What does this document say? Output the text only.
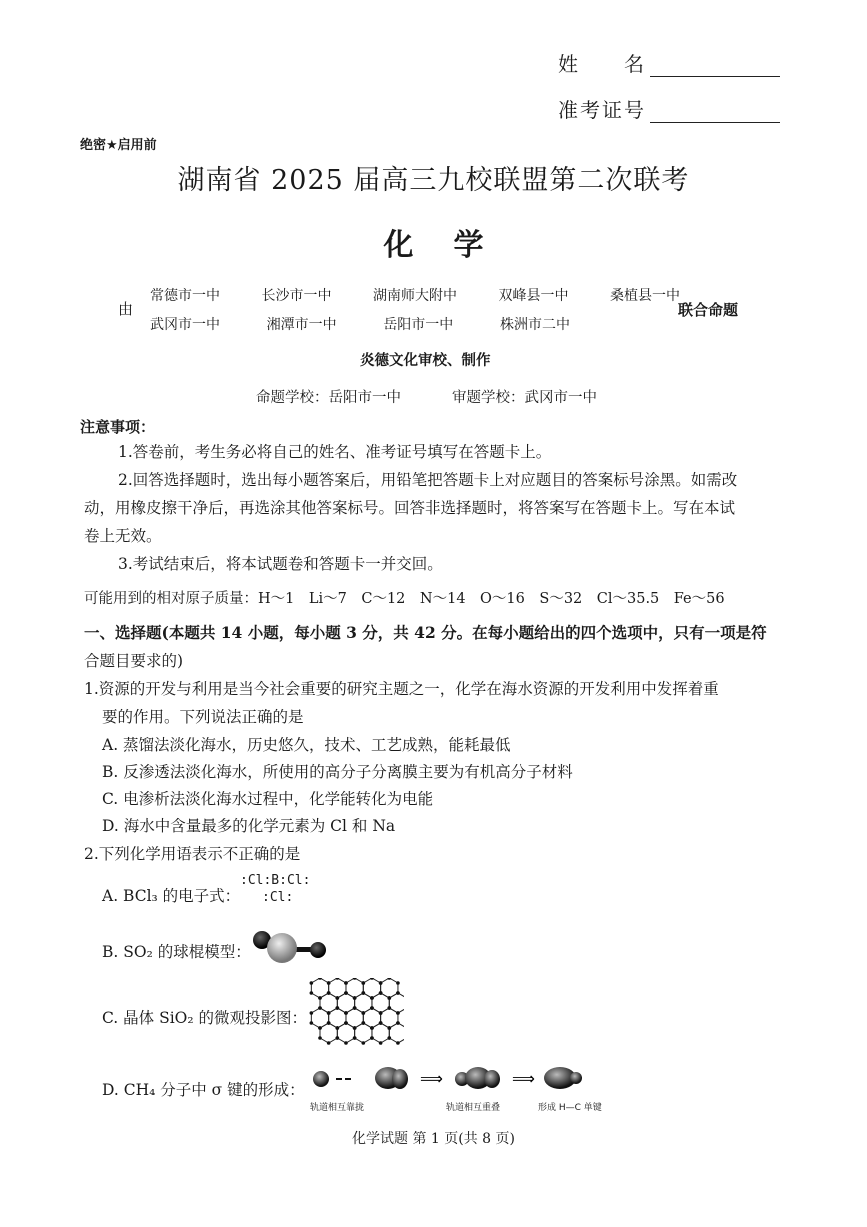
姓　　名
准考证号
绝密★启用前
湖南省 2025 届高三九校联盟第二次联考
化学
由
常德市一中	长沙市一中	湖南师大附中	双峰县一中	桑植县一中
武冈市一中	湘潭市一中	岳阳市一中	株洲市二中
联合命题
炎德文化审校、制作
命题学校：岳阳市一中	审题学校：武冈市一中
注意事项：
1.答卷前，考生务必将自己的姓名、准考证号填写在答题卡上。
2.回答选择题时，选出每小题答案后，用铅笔把答题卡上对应题目的答案标号涂黑。如需改
动，用橡皮擦干净后，再选涂其他答案标号。回答非选择题时，将答案写在答题卡上。写在本试
卷上无效。
3.考试结束后，将本试题卷和答题卡一并交回。
可能用到的相对原子质量：H～1　Li～7　C～12　N～14　O～16　S～32　Cl～35.5　Fe～56
一、选择题(本题共 14 小题，每小题 3 分，共 42 分。在每小题给出的四个选项中，只有一项是符
合题目要求的)
1.资源的开发与利用是当今社会重要的研究主题之一，化学在海水资源的开发利用中发挥着重
要的作用。下列说法正确的是
A. 蒸馏法淡化海水，历史悠久，技术、工艺成熟，能耗最低
B. 反渗透法淡化海水，所使用的高分子分离膜主要为有机高分子材料
C. 电渗析法淡化海水过程中，化学能转化为电能
D. 海水中含量最多的化学元素为 Cl 和 Na
2.下列化学用语表示不正确的是
A. BCl₃ 的电子式：
:Cl:B:Cl:
:Cl:
B. SO₂ 的球棍模型：
C. 晶体 SiO₂ 的微观投影图：
D. CH₄ 分子中 σ 键的形成：
⟹	⟹
轨道相互靠拢	轨道相互重叠	形成 H—C 单键
化学试题 第 1 页(共 8 页)
